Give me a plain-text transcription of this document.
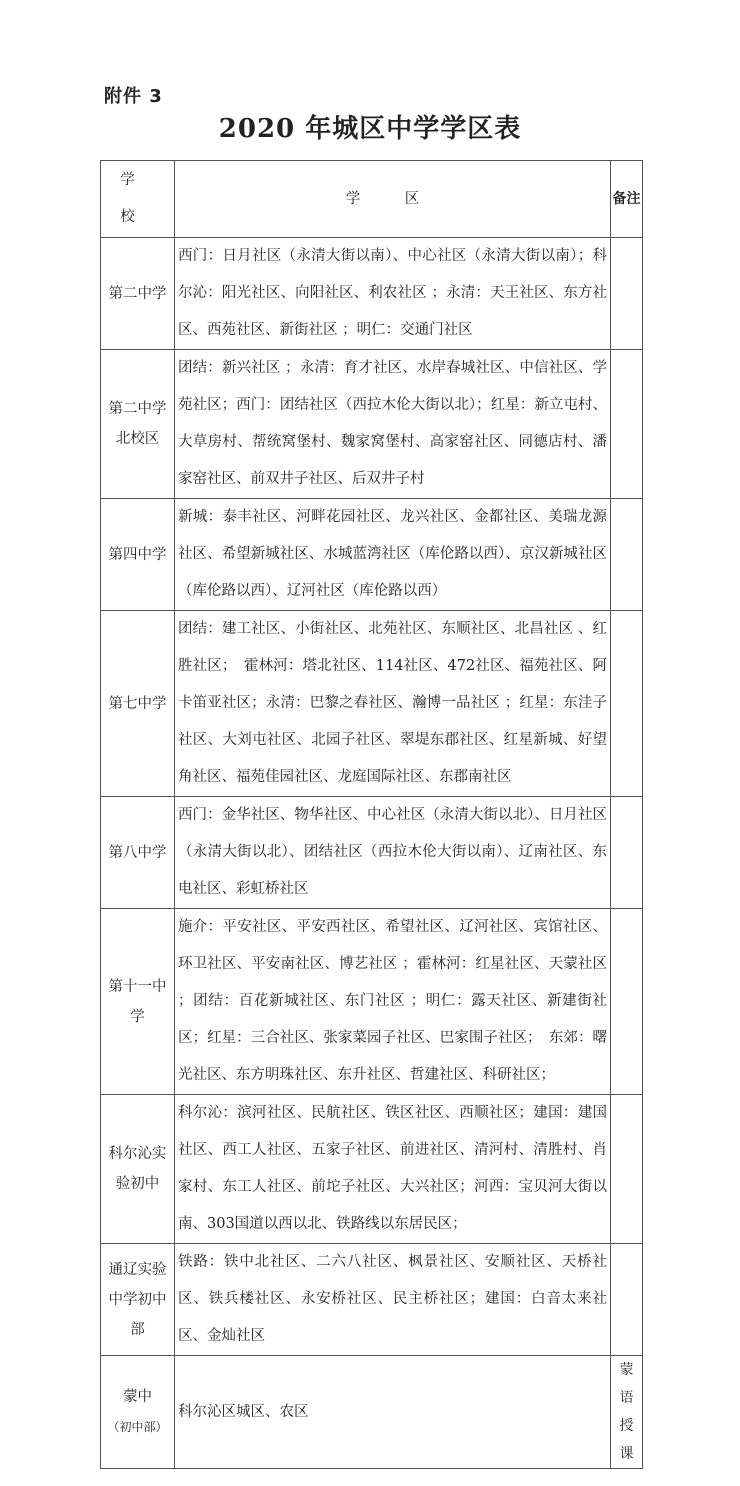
附件 3
2020 年城区中学学区表
学 校	学 区	备注
第二中学	西门：日月社区（永清大街以南）、中心社区（永清大街以南）；科尔沁：阳光社区、向阳社区、利农社区 ；永清：天王社区、东方社区、西苑社区、新街社区 ；明仁：交通门社区	
第二中学北校区	团结：新兴社区 ；永清：育才社区、水岸春城社区、中信社区、学苑社区；西门：团结社区（西拉木伦大街以北）；红星：新立屯村、大草房村、帮统窝堡村、魏家窝堡村、高家窑社区、同德店村、潘家窑社区、前双井子社区、后双井子村	
第四中学	新城：泰丰社区、河畔花园社区、龙兴社区、金都社区、美瑞龙源社区、希望新城社区、水城蓝湾社区（库伦路以西）、京汉新城社区（库伦路以西）、辽河社区（库伦路以西）	
第七中学	团结：建工社区、小街社区、北苑社区、东顺社区、北昌社区 、红胜社区；　霍林河：塔北社区、114社区、472社区、福苑社区、阿卡笛亚社区；永清：巴黎之春社区、瀚博一品社区 ；红星：东洼子社区、大刘屯社区、北园子社区、翠堤东郡社区、红星新城、好望角社区、福苑佳园社区、龙庭国际社区、东郡南社区	
第八中学	西门：金华社区、物华社区、中心社区（永清大街以北）、日月社区（永清大街以北）、团结社区（西拉木伦大街以南）、辽南社区、东电社区、彩虹桥社区	
第十一中学	施介：平安社区、平安西社区、希望社区、辽河社区、宾馆社区、环卫社区、平安南社区、博艺社区 ；霍林河：红星社区、天蒙社区 ；团结：百花新城社区、东门社区 ；明仁：露天社区、新建街社区；红星：三合社区、张家菜园子社区、巴家围子社区；　东郊：曙光社区、东方明珠社区、东升社区、哲建社区、科研社区；	
科尔沁实验初中	科尔沁：滨河社区、民航社区、铁区社区、西顺社区；建国：建国社区、西工人社区、五家子社区、前进社区、清河村、清胜村、肖家村、东工人社区、前坨子社区、大兴社区；河西：宝贝河大街以南、303国道以西以北、铁路线以东居民区；	
通辽实验中学初中部	铁路：铁中北社区、二六八社区、枫景社区、安顺社区、天桥社区、铁兵楼社区、永安桥社区、民主桥社区；建国：白音太来社区、金灿社区	

蒙中
（初中部）	科尔沁区城区、农区	蒙语授课
